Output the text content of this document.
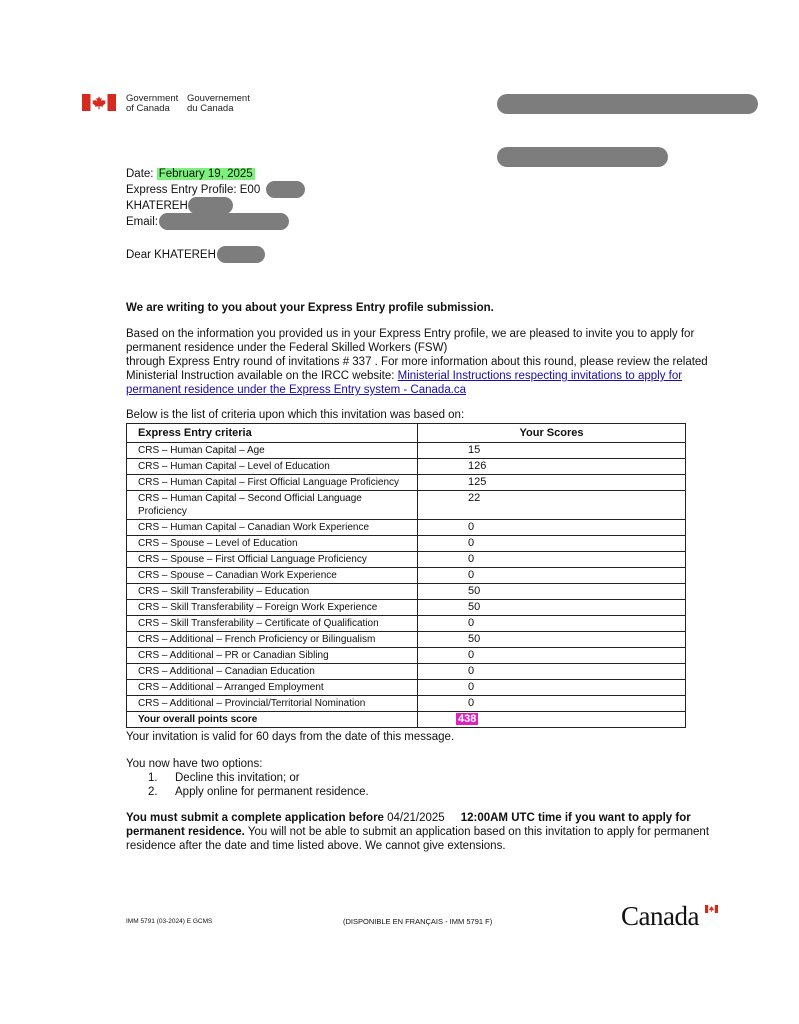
Government
of Canada
Gouvernement
du Canada
Date: February 19, 2025
Express Entry Profile: E00
KHATEREH
Email:
Dear KHATEREH
We are writing to you about your Express Entry profile submission.
Based on the information you provided us in your Express Entry profile, we are pleased to invite you to apply for
permanent residence under the Federal Skilled Workers (FSW)
through Express Entry round of invitations # 337 . For more information about this round, please review the related
Ministerial Instruction available on the IRCC website: Ministerial Instructions respecting invitations to apply for
permanent residence under the Express Entry system - Canada.ca
Below is the list of criteria upon which this invitation was based on:
Express Entry criteria	Your Scores
CRS – Human Capital – Age	15
CRS – Human Capital – Level of Education	126
CRS – Human Capital – First Official Language Proficiency	125
CRS – Human Capital – Second Official Language Proficiency	22
CRS – Human Capital – Canadian Work Experience	0
CRS – Spouse – Level of Education	0
CRS – Spouse – First Official Language Proficiency	0
CRS – Spouse – Canadian Work Experience	0
CRS – Skill Transferability – Education	50
CRS – Skill Transferability – Foreign Work Experience	50
CRS – Skill Transferability – Certificate of Qualification	0
CRS – Additional – French Proficiency or Bilingualism	50
CRS – Additional – PR or Canadian Sibling	0
CRS – Additional – Canadian Education	0
CRS – Additional – Arranged Employment	0
CRS – Additional – Provincial/Territorial Nomination	0
Your overall points score	438
Your invitation is valid for 60 days from the date of this message.
You now have two options:
1. Decline this invitation; or
2. Apply online for permanent residence.
You must submit a complete application before 04/21/2025 12:00AM UTC time if you want to apply for
permanent residence. You will not be able to submit an application based on this invitation to apply for permanent
residence after the date and time listed above. We cannot give extensions.
IMM 5791 (03-2024) E GCMS	(DISPONIBLE EN FRANÇAIS - IMM 5791 F)	Canada
